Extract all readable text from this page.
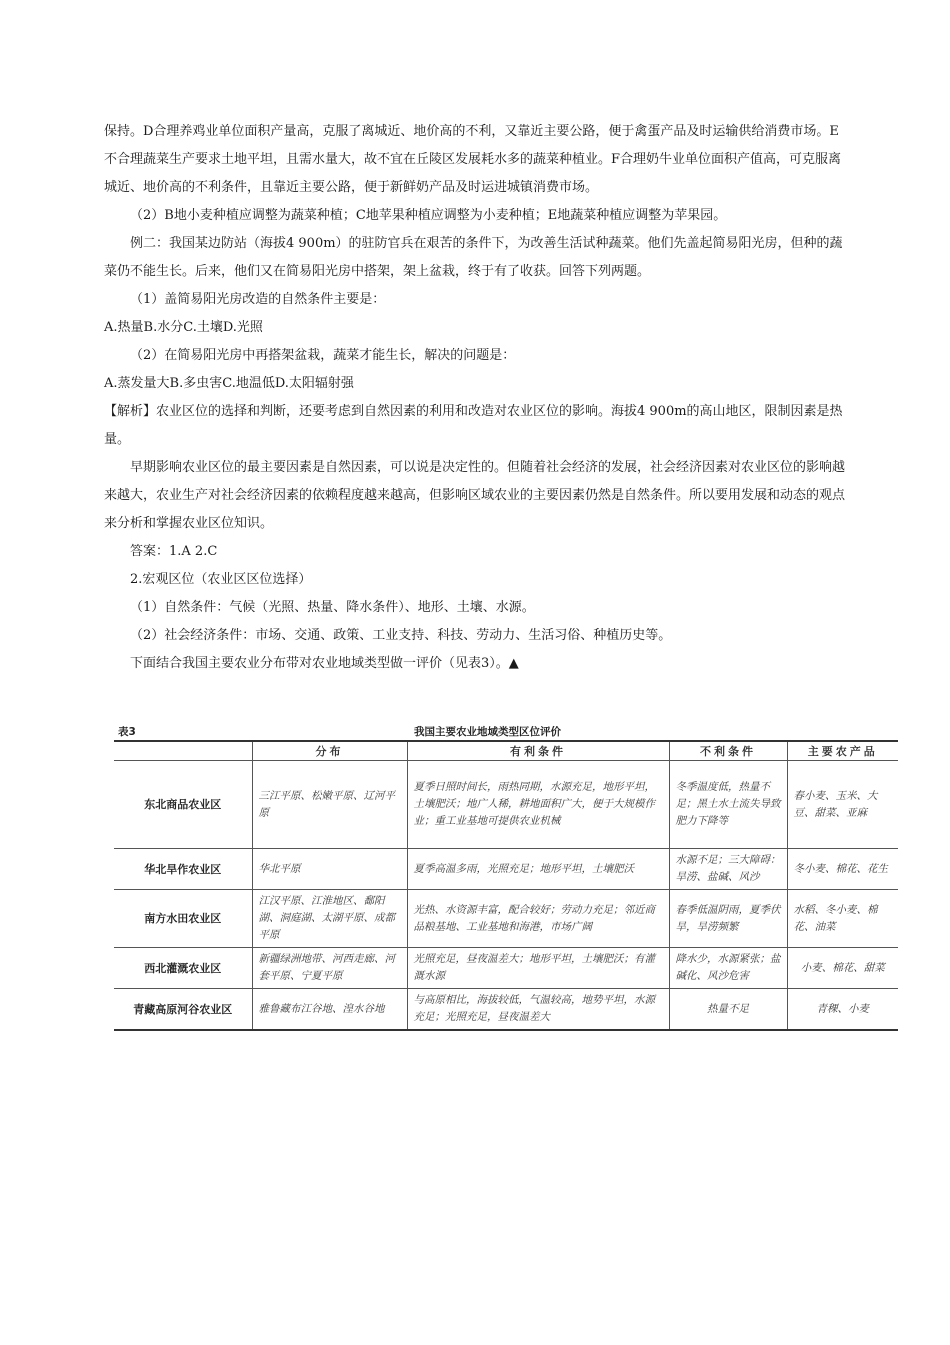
保持。D合理养鸡业单位面积产量高，克服了离城近、地价高的不利，又靠近主要公路，便于禽蛋产品及时运输供给消费市场。E不合理蔬菜生产要求土地平坦，且需水量大，故不宜在丘陵区发展耗水多的蔬菜种植业。F合理奶牛业单位面积产值高，可克服离城近、地价高的不利条件，且靠近主要公路，便于新鲜奶产品及时运进城镇消费市场。

（2）B地小麦种植应调整为蔬菜种植；C地苹果种植应调整为小麦种植；E地蔬菜种植应调整为苹果园。

例二：我国某边防站（海拔4 900m）的驻防官兵在艰苦的条件下，为改善生活试种蔬菜。他们先盖起简易阳光房，但种的蔬菜仍不能生长。后来，他们又在简易阳光房中搭架，架上盆栽，终于有了收获。回答下列两题。

（1）盖简易阳光房改造的自然条件主要是：

A.热量B.水分C.土壤D.光照

（2）在简易阳光房中再搭架盆栽，蔬菜才能生长，解决的问题是：

A.蒸发量大B.多虫害C.地温低D.太阳辐射强

【解析】农业区位的选择和判断，还要考虑到自然因素的利用和改造对农业区位的影响。海拔4 900m的高山地区，限制因素是热量。

早期影响农业区位的最主要因素是自然因素，可以说是决定性的。但随着社会经济的发展，社会经济因素对农业区位的影响越来越大，农业生产对社会经济因素的依赖程度越来越高，但影响区域农业的主要因素仍然是自然条件。所以要用发展和动态的观点来分析和掌握农业区位知识。

答案：1.A 2.C

2.宏观区位（农业区区位选择）

（1）自然条件：气候（光照、热量、降水条件）、地形、土壤、水源。

（2）社会经济条件：市场、交通、政策、工业支持、科技、劳动力、生活习俗、种植历史等。

下面结合我国主要农业分布带对农业地域类型做一评价（见表3）。▲

表3	我国主要农业地域类型区位评价
	分布	有利条件	不利条件	主要农产品
东北商品农业区	三江平原、松嫩平原、辽河平原	夏季日照时间长，雨热同期，水源充足，地形平坦，土壤肥沃；地广人稀，耕地面积广大，便于大规模作业；重工业基地可提供农业机械	冬季温度低，热量不足；黑土水土流失导致肥力下降等	春小麦、玉米、大豆、甜菜、亚麻
华北旱作农业区	华北平原	夏季高温多雨，光照充足；地形平坦，土壤肥沃	水源不足；三大障碍：旱涝、盐碱、风沙	冬小麦、棉花、花生
南方水田农业区	江汉平原、江淮地区、鄱阳湖、洞庭湖、太湖平原、成都平原	光热、水资源丰富，配合较好；劳动力充足；邻近商品粮基地、工业基地和海港，市场广阔	春季低温阴雨，夏季伏旱，旱涝频繁	水稻、冬小麦、棉花、油菜
西北灌溉农业区	新疆绿洲地带、河西走廊、河套平原、宁夏平原	光照充足，昼夜温差大；地形平坦，土壤肥沃；有灌溉水源	降水少，水源紧张；盐碱化、风沙危害	小麦、棉花、甜菜
青藏高原河谷农业区	雅鲁藏布江谷地、湟水谷地	与高原相比，海拔较低，气温较高，地势平坦，水源充足；光照充足，昼夜温差大	热量不足	青稞、小麦
